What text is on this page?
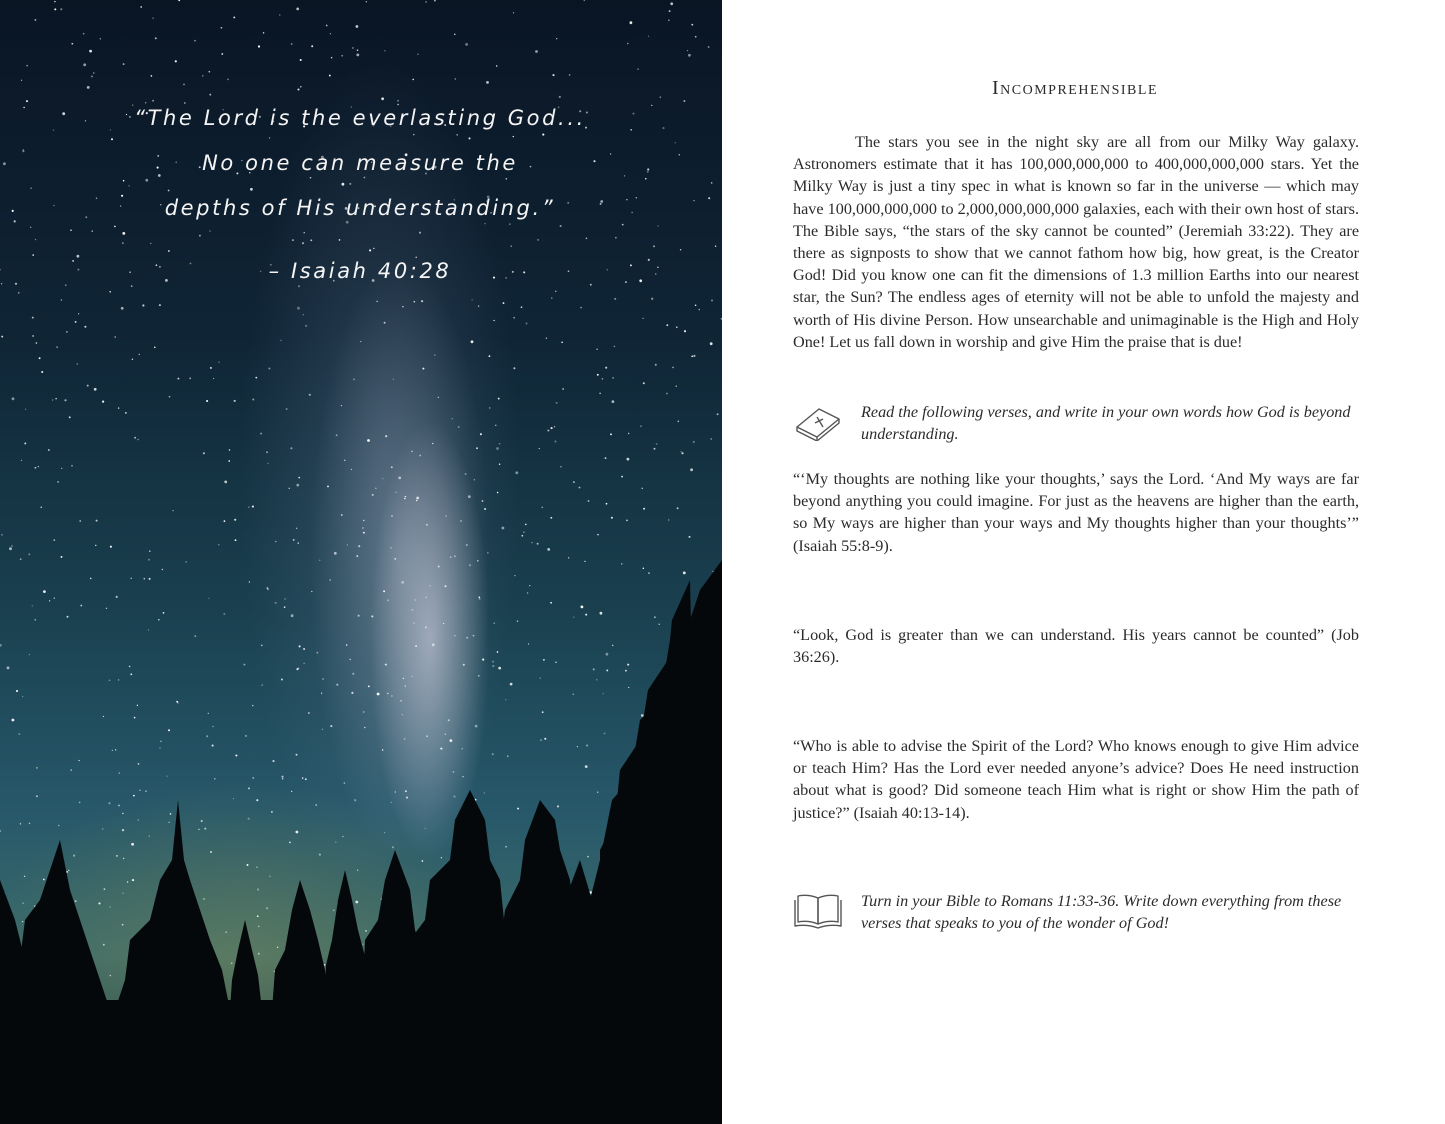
“The Lord is the everlasting God...
No one can measure the
depths of His understanding.”
– Isaiah 40:28
Incomprehensible

The stars you see in the night sky are all from our Milky Way galaxy. Astronomers estimate that it has 100,000,000,000 to 400,000,000,000 stars. Yet the Milky Way is just a tiny spec in what is known so far in the universe — which may have 100,000,000,000 to 2,000,000,000,000 galaxies, each with their own host of stars. The Bible says, “the stars of the sky cannot be counted” (Jeremiah 33:22). They are there as signposts to show that we cannot fathom how big, how great, is the Creator God! Did you know one can fit the dimensions of 1.3 million Earths into our nearest star, the Sun? The endless ages of eternity will not be able to unfold the majesty and worth of His divine Person. How unsearchable and unimaginable is the High and Holy One! Let us fall down in worship and give Him the praise that is due!

Read the following verses, and write in your own words how God is beyond understanding.

“‘My thoughts are nothing like your thoughts,’ says the Lord. ‘And My ways are far beyond anything you could imagine. For just as the heavens are higher than the earth, so My ways are higher than your ways and My thoughts higher than your thoughts’” (Isaiah 55:8-9).

“Look, God is greater than we can understand. His years cannot be counted” (Job 36:26).

“Who is able to advise the Spirit of the Lord? Who knows enough to give Him advice or teach Him? Has the Lord ever needed anyone’s advice? Does He need instruction about what is good? Did someone teach Him what is right or show Him the path of justice?” (Isaiah 40:13-14).

Turn in your Bible to Romans 11:33-36. Write down everything from these verses that speaks to you of the wonder of God!
